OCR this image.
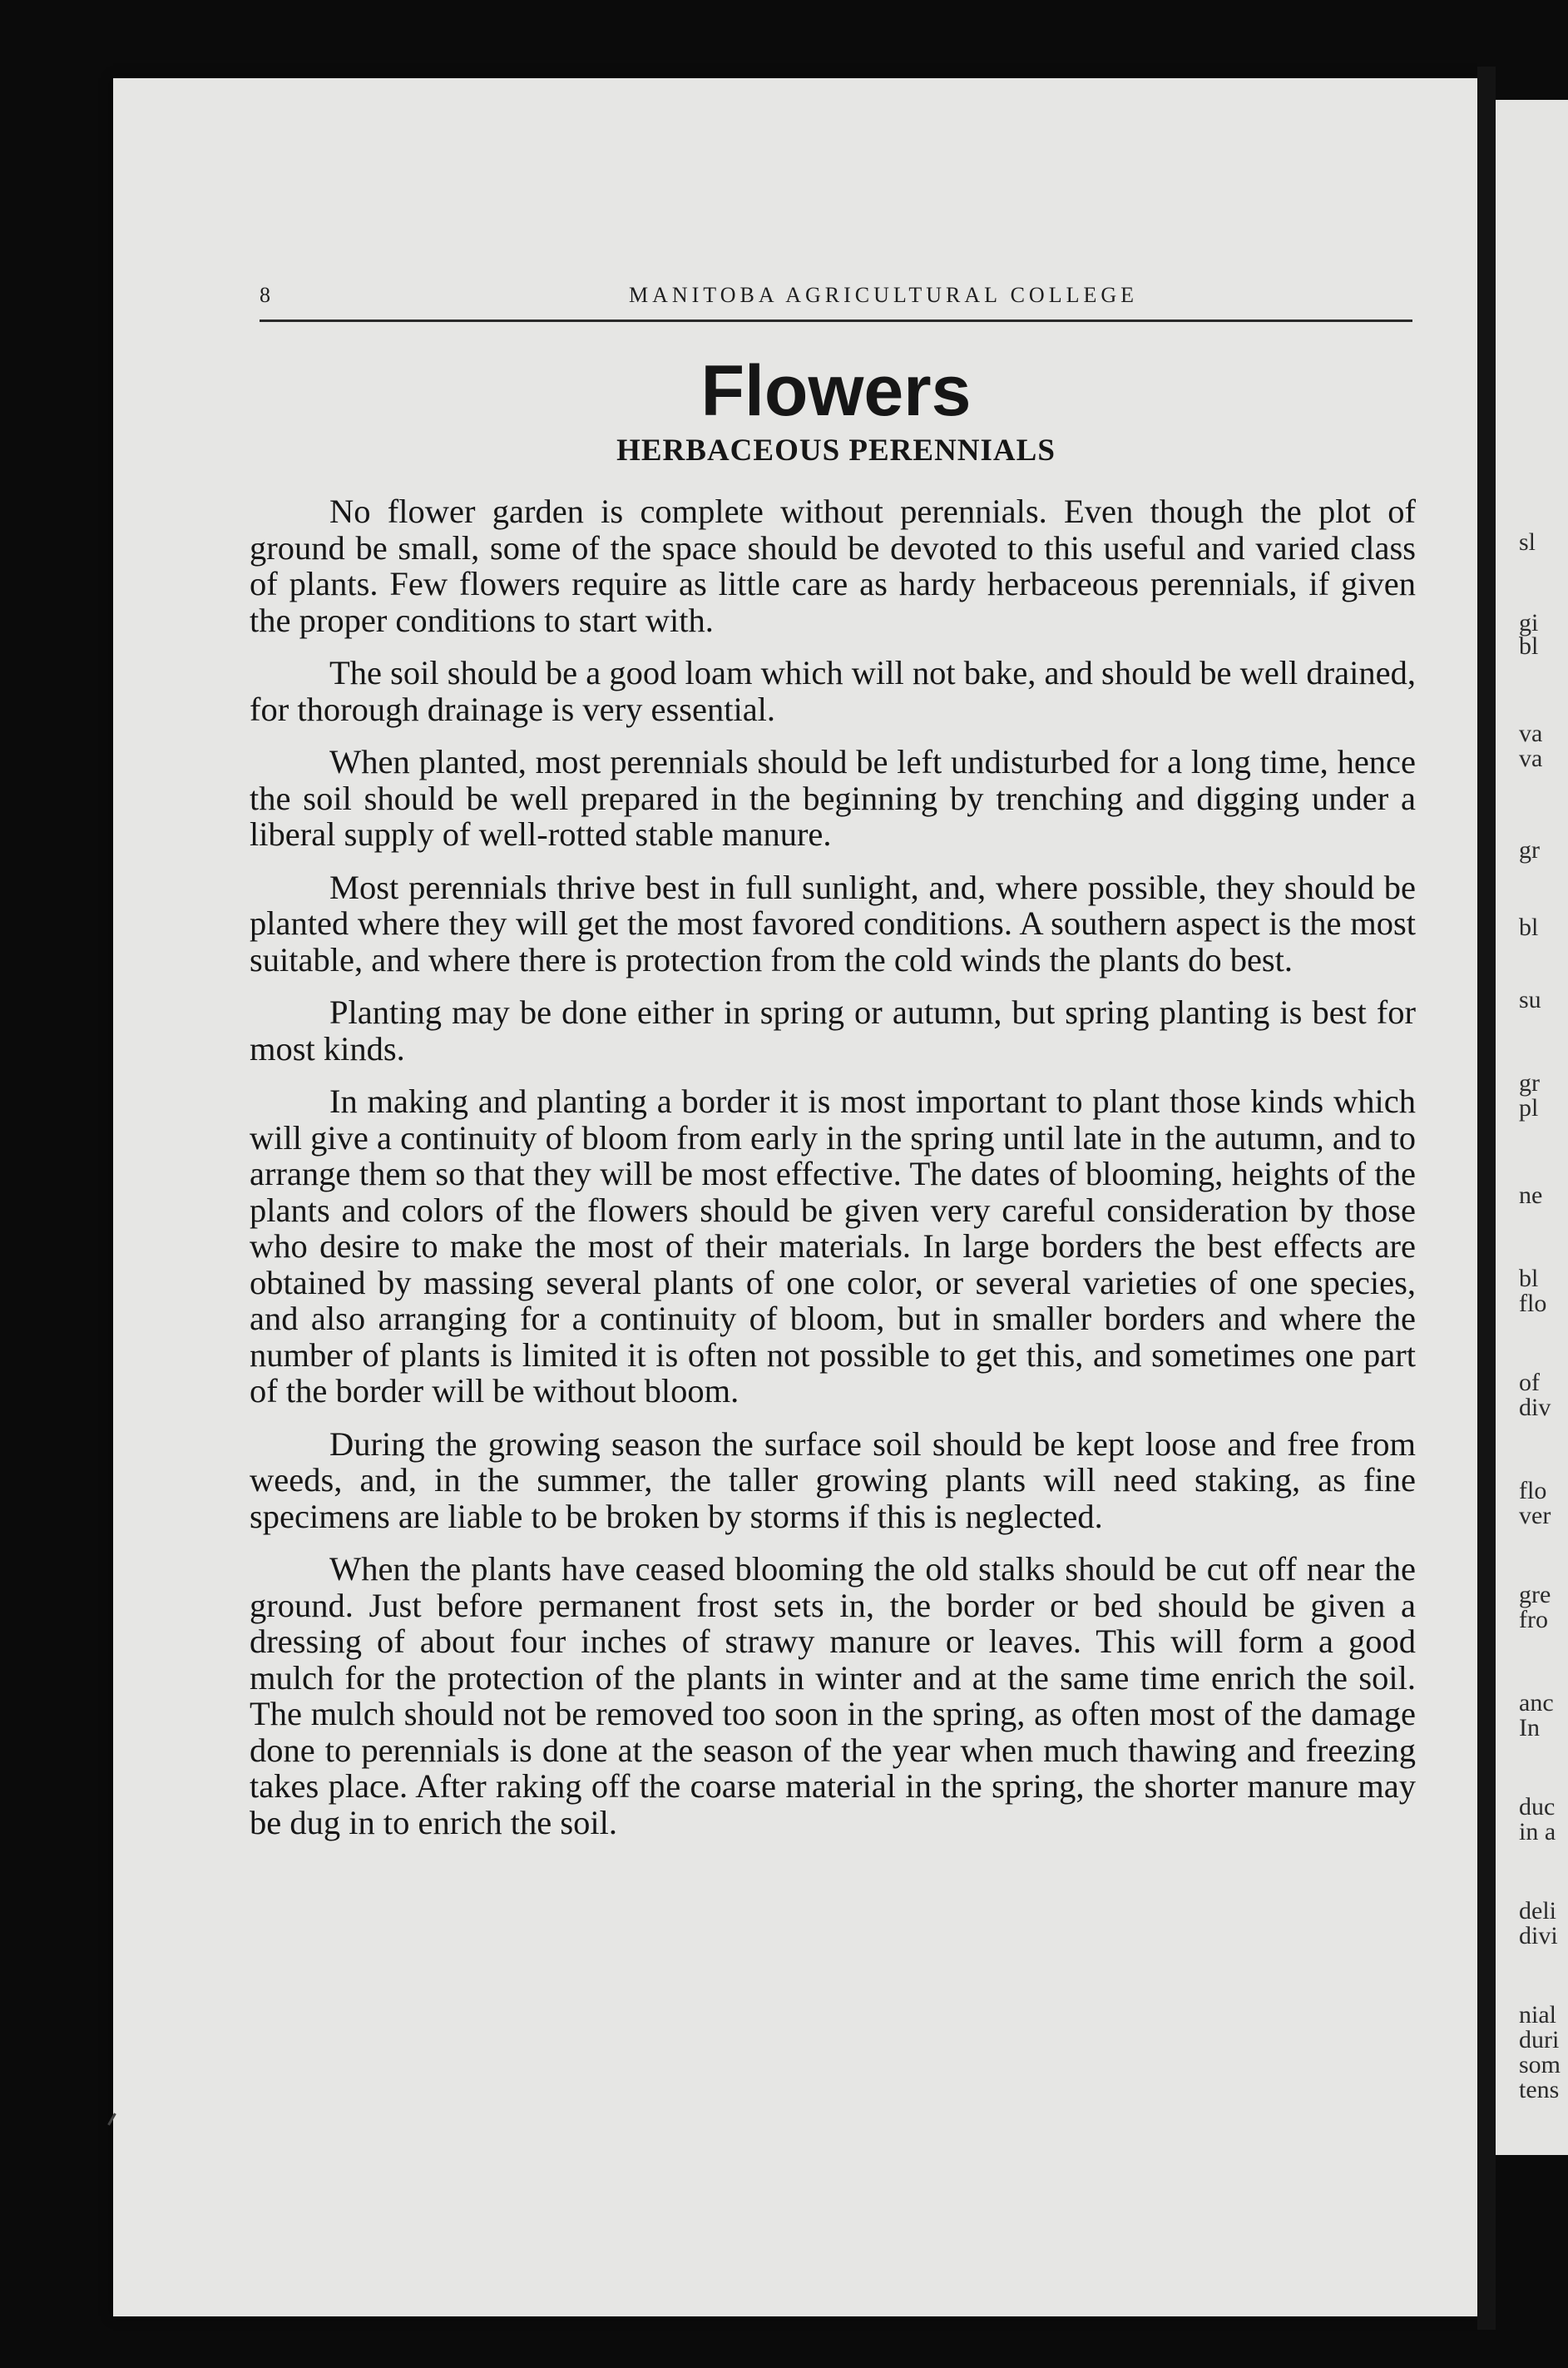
sl
gi
bl
va
va
gr
bl
su
gr
pl
ne
bl
flo
of
div
flo
ver
gre
fro
anc
In
duc
in a
deli
divi
nial
duri
som
tens
8	MANITOBA AGRICULTURAL COLLEGE
Flowers
HERBACEOUS PERENNIALS

No flower garden is complete without perennials. Even though the plot of ground be small, some of the space should be devoted to this useful and varied class of plants. Few flowers require as little care as hardy herbaceous perennials, if given the proper conditions to start with.

The soil should be a good loam which will not bake, and should be well drained, for thorough drainage is very essential.

When planted, most perennials should be left undisturbed for a long time, hence the soil should be well prepared in the beginning by trenching and digging under a liberal supply of well-rotted stable manure.

Most perennials thrive best in full sunlight, and, where possible, they should be planted where they will get the most favored conditions. A southern aspect is the most suitable, and where there is protection from the cold winds the plants do best.

Planting may be done either in spring or autumn, but spring planting is best for most kinds.

In making and planting a border it is most important to plant those kinds which will give a continuity of bloom from early in the spring until late in the autumn, and to arrange them so that they will be most effective. The dates of blooming, heights of the plants and colors of the flowers should be given very careful consideration by those who desire to make the most of their materials. In large borders the best effects are obtained by massing several plants of one color, or several varieties of one species, and also arranging for a continuity of bloom, but in smaller borders and where the number of plants is limited it is often not possible to get this, and sometimes one part of the border will be without bloom.

During the growing season the surface soil should be kept loose and free from weeds, and, in the summer, the taller growing plants will need staking, as fine specimens are liable to be broken by storms if this is neglected.

When the plants have ceased blooming the old stalks should be cut off near the ground. Just before permanent frost sets in, the border or bed should be given a dressing of about four inches of strawy manure or leaves. This will form a good mulch for the protection of the plants in winter and at the same time enrich the soil. The mulch should not be removed too soon in the spring, as often most of the damage done to perennials is done at the season of the year when much thawing and freezing takes place. After raking off the coarse material in the spring, the shorter manure may be dug in to enrich the soil.
